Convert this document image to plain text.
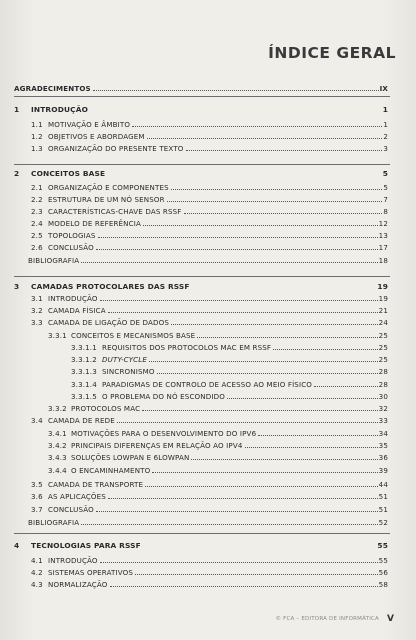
ÍNDICE GERAL
AGRADECIMENTOS	IX
1	INTRODUÇÃO	1
1.1 MOTIVAÇÃO E ÂMBITO	1
1.2 OBJETIVOS E ABORDAGEM	2
1.3 ORGANIZAÇÃO DO PRESENTE TEXTO	3
2	CONCEITOS BASE	5
2.1 ORGANIZAÇÃO E COMPONENTES	5
2.2 ESTRUTURA DE UM NÓ SENSOR	7
2.3 CARACTERÍSTICAS-CHAVE DAS RSSF	8
2.4 MODELO DE REFERÊNCIA	12
2.5 TOPOLOGIAS	13
2.6 CONCLUSÃO	17
BIBLIOGRAFIA	18
3	CAMADAS PROTOCOLARES DAS RSSF	19
3.1 INTRODUÇÃO	19
3.2 CAMADA FÍSICA	21
3.3 CAMADA DE LIGAÇÃO DE DADOS	24
3.3.1 CONCEITOS E MECANISMOS BASE	25
3.3.1.1 REQUISITOS DOS PROTOCOLOS MAC EM RSSF	25
3.3.1.2 DUTY-CYCLE	25
3.3.1.3 SINCRONISMO	28
3.3.1.4 PARADIGMAS DE CONTROLO DE ACESSO AO MEIO FÍSICO	28
3.3.1.5 O PROBLEMA DO NÓ ESCONDIDO	30
3.3.2 PROTOCOLOS MAC	32
3.4 CAMADA DE REDE	33
3.4.1 MOTIVAÇÕES PARA O DESENVOLVIMENTO DO IPV6	34
3.4.2 PRINCIPAIS DIFERENÇAS EM RELAÇÃO AO IPV4	35
3.4.3 SOLUÇÕES LOWPAN E 6LOWPAN	36
3.4.4 O ENCAMINHAMENTO	39
3.5 CAMADA DE TRANSPORTE	44
3.6 AS APLICAÇÕES	51
3.7 CONCLUSÃO	51
BIBLIOGRAFIA	52
4	TECNOLOGIAS PARA RSSF	55
4.1 INTRODUÇÃO	55
4.2 SISTEMAS OPERATIVOS	56
4.3 NORMALIZAÇÃO	58
© FCA – EDITORA DE INFORMÁTICA V
